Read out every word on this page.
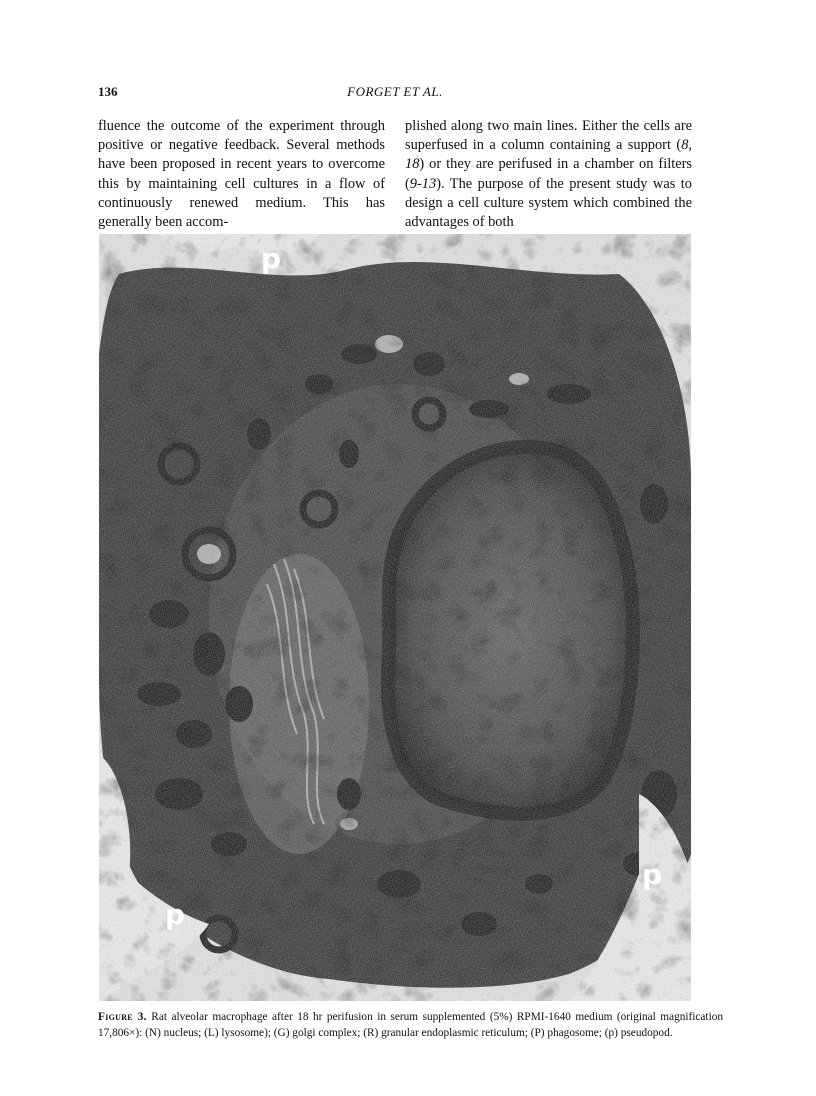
136	FORGET ET AL.

fluence the outcome of the experiment through positive or negative feedback. Several methods have been proposed in recent years to overcome this by maintaining cell cultures in a flow of continuously renewed medium. This has generally been accom-

plished along two main lines. Either the cells are superfused in a column containing a support (8, 18) or they are perifused in a chamber on filters (9-13). The purpose of the present study was to design a cell culture system which combined the advantages of both

p
p
p
Figure 3. Rat alveolar macrophage after 18 hr perifusion in serum supplemented (5%) RPMI-1640 medium (original magnification 17,806×): (N) nucleus; (L) lysosome); (G) golgi complex; (R) granular endoplasmic reticulum; (P) phagosome; (p) pseudopod.
